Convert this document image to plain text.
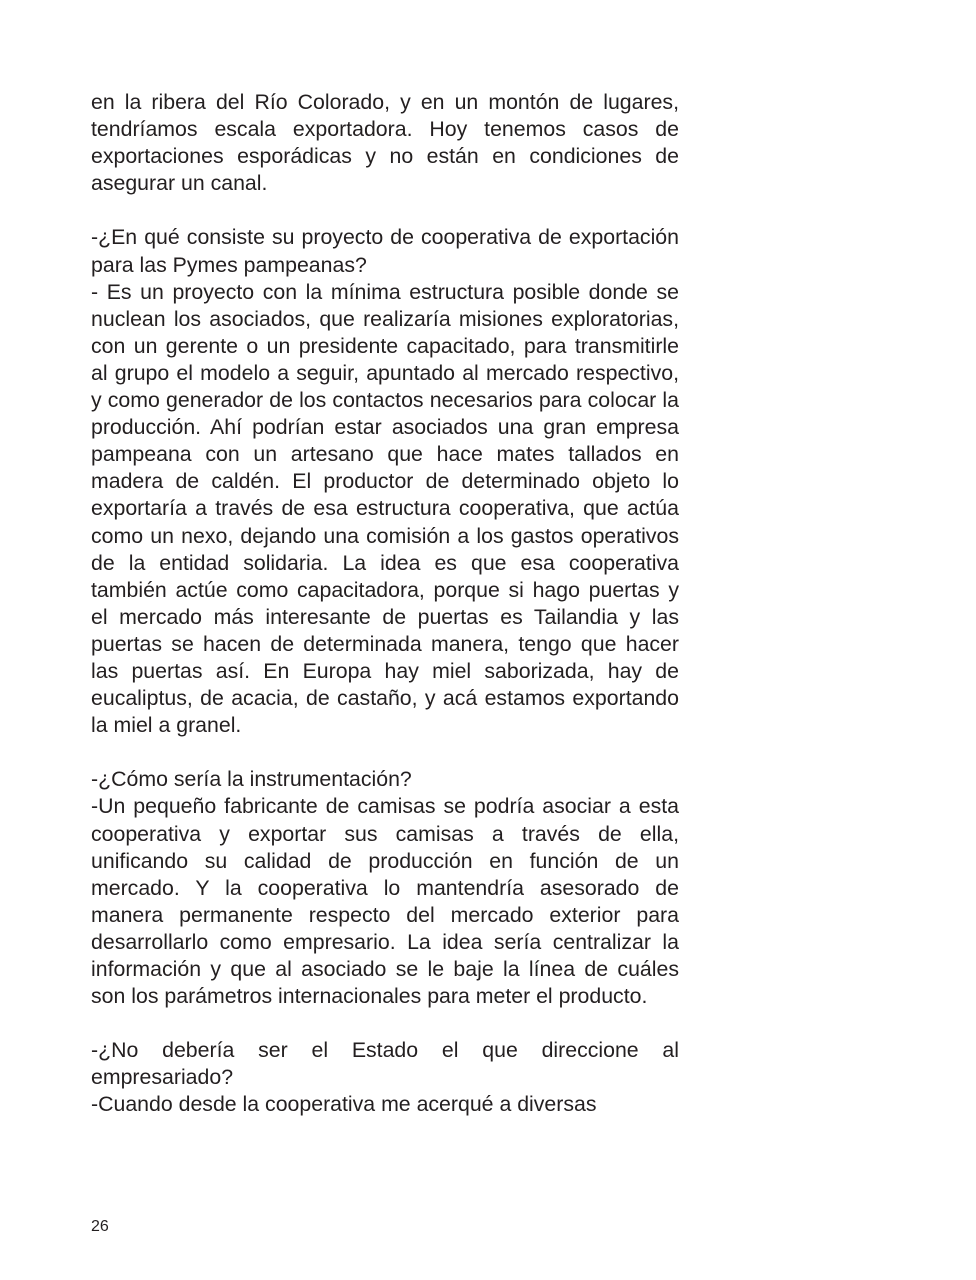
en la ribera del Río Colorado, y en un montón de lugares, tendríamos escala exportadora. Hoy tenemos casos de exportaciones esporádicas y no están en condiciones de asegurar un canal.

-¿En qué consiste su proyecto de cooperativa de exportación para las Pymes pampeanas?

- Es un proyecto con la mínima estructura posible donde se nuclean los asociados, que realizaría misiones exploratorias, con un gerente o un presidente capacitado, para transmitirle al grupo el modelo a seguir, apuntado al mercado respectivo, y como generador de los contactos necesarios para colocar la producción. Ahí podrían estar asociados una gran empresa pampeana con un artesano que hace mates tallados en madera de caldén. El productor de determinado objeto lo exportaría a través de esa estructura cooperativa, que actúa como un nexo, dejando una comisión a los gastos operativos de la entidad solidaria. La idea es que esa cooperativa también actúe como capacitadora, porque si hago puertas y el mercado más interesante de puertas es Tailandia y las puertas se hacen de determinada manera, tengo que hacer las puertas así. En Europa hay miel saborizada, hay de eucaliptus, de acacia, de castaño, y acá estamos exportando la miel a granel.

-¿Cómo sería la instrumentación?

-Un pequeño fabricante de camisas se podría asociar a esta cooperativa y exportar sus camisas a través de ella, unificando su calidad de producción en función de un mercado. Y la cooperativa lo mantendría asesorado de manera permanente respecto del mercado exterior para desarrollarlo como empresario. La idea sería centralizar la información y que al asociado se le baje la línea de cuáles son los parámetros internacionales para meter el producto.

-¿No debería ser el Estado el que direccione al empresariado?

-Cuando desde la cooperativa me acerqué a diversas

26
